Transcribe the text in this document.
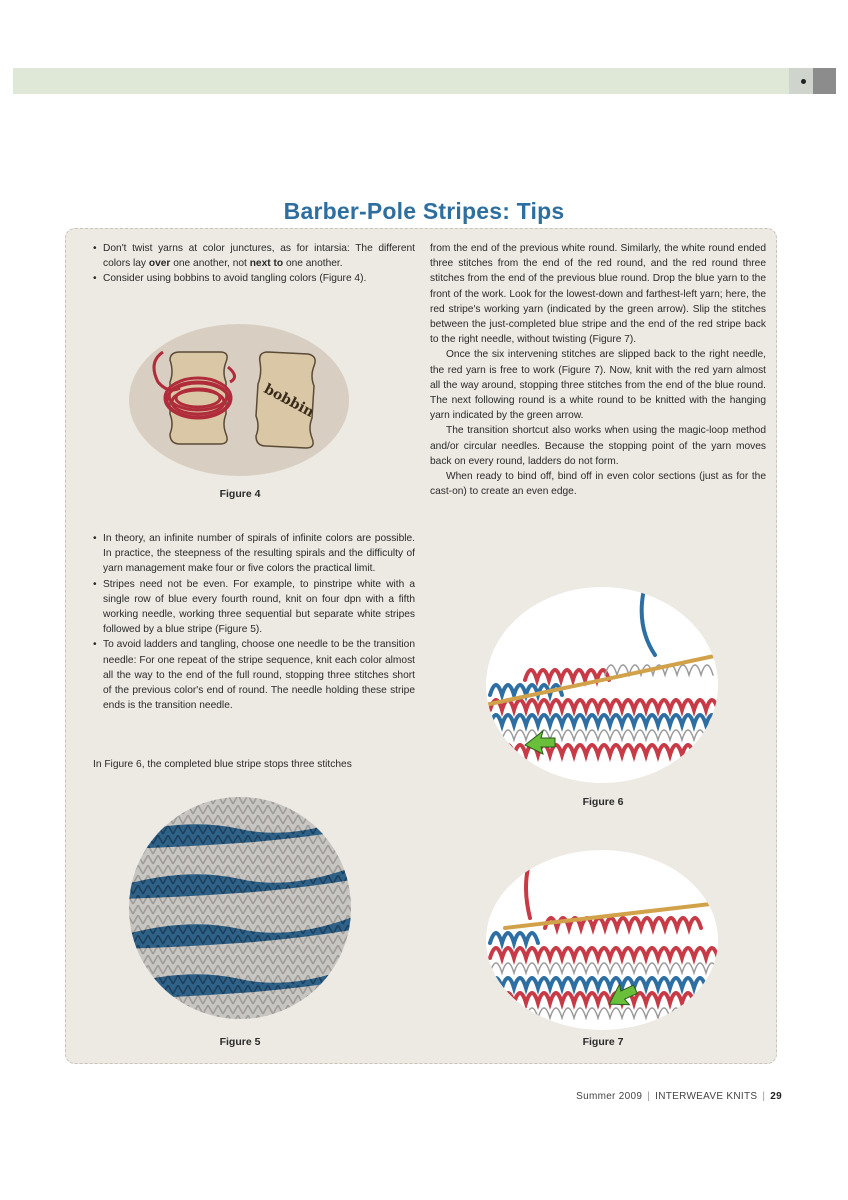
Barber-Pole Stripes: Tips
• Don't twist yarns at color junctures, as for intarsia: The different colors lay over one another, not next to one another.
• Consider using bobbins to avoid tangling colors (Figure 4).
bobbin
Figure 4
• In theory, an infinite number of spirals of infinite colors are possible. In practice, the steepness of the resulting spirals and the difficulty of yarn management make four or five colors the practical limit.
• Stripes need not be even. For example, to pinstripe white with a single row of blue every fourth round, knit on four dpn with a fifth working needle, working three sequential but separate white stripes followed by a blue stripe (Figure 5).
• To avoid ladders and tangling, choose one needle to be the transition needle: For one repeat of the stripe sequence, knit each color almost all the way to the end of the full round, stopping three stitches short of the previous color's end of round. The needle holding these stripe ends is the transition needle.

In Figure 6, the completed blue stripe stops three stitches

from the end of the previous white round. Similarly, the white round ended three stitches from the end of the red round, and the red round three stitches from the end of the previous blue round. Drop the blue yarn to the front of the work. Look for the lowest-down and farthest-left yarn; here, the red stripe's working yarn (indicated by the green arrow). Slip the stitches between the just-completed blue stripe and the end of the red stripe back to the right needle, without twisting (Figure 7).

Once the six intervening stitches are slipped back to the right needle, the red yarn is free to work (Figure 7). Now, knit with the red yarn almost all the way around, stopping three stitches from the end of the blue round. The next following round is a white round to be knitted with the hanging yarn indicated by the green arrow.

The transition shortcut also works when using the magic-loop method and/or circular needles. Because the stopping point of the yarn moves back on every round, ladders do not form.

When ready to bind off, bind off in even color sections (just as for the cast-on) to create an even edge.

Figure 5
Figure 6
Figure 7
Summer 2009 | INTERWEAVE KNITS | 29
